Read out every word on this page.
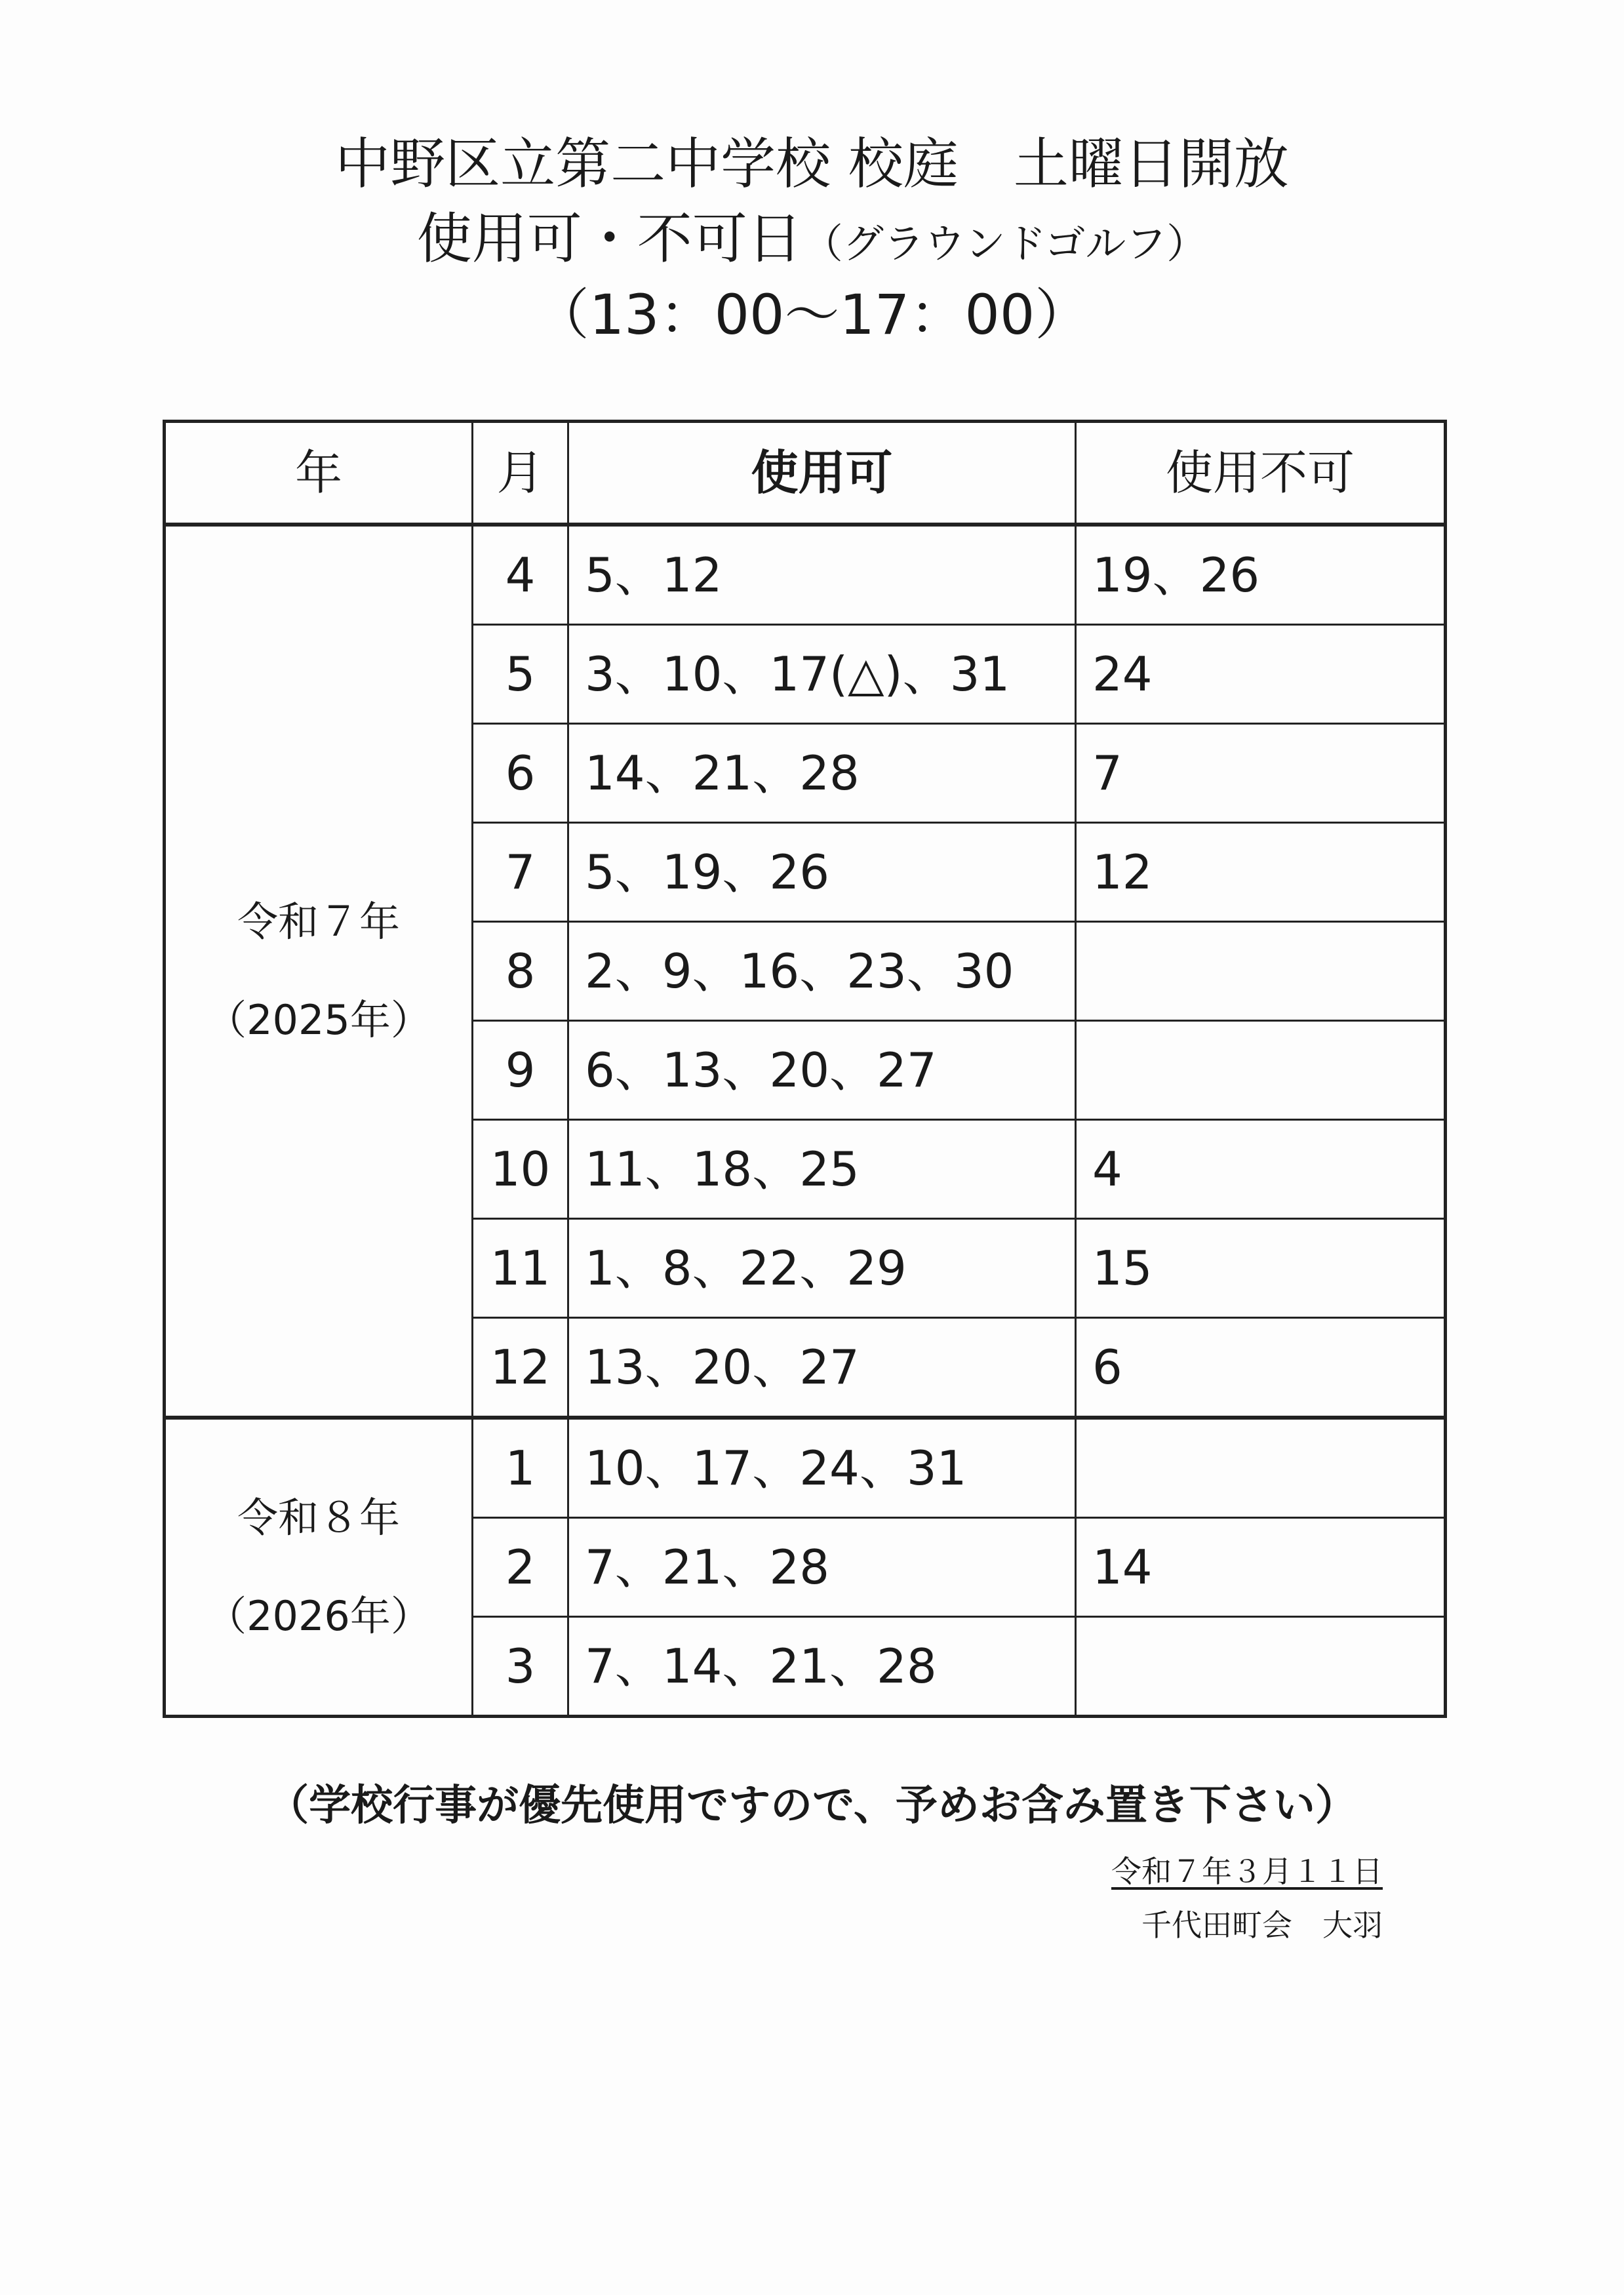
中野区立第二中学校 校庭　土曜日開放
使用可・不可日（グラウンドゴルフ）
（13：00～17：00）
年	月	使用可	使用不可

令和７年
（2025年）	4	5、12	19、26
	5	3、10、17(△)、31	24
	6	14、21、28	7
	7	5、19、26	12
	8	2、9、16、23、30	
	9	6、13、20、27	
	10	11、18、25	4
	11	1、8、22、29	15
	12	13、20、27	6

令和８年
（2026年）	1	10、17、24、31	
	2	7、21、28	14
	3	7、14、21、28	
（学校行事が優先使用ですので、予めお含み置き下さい）
令和７年３月１１日
千代田町会　大羽
